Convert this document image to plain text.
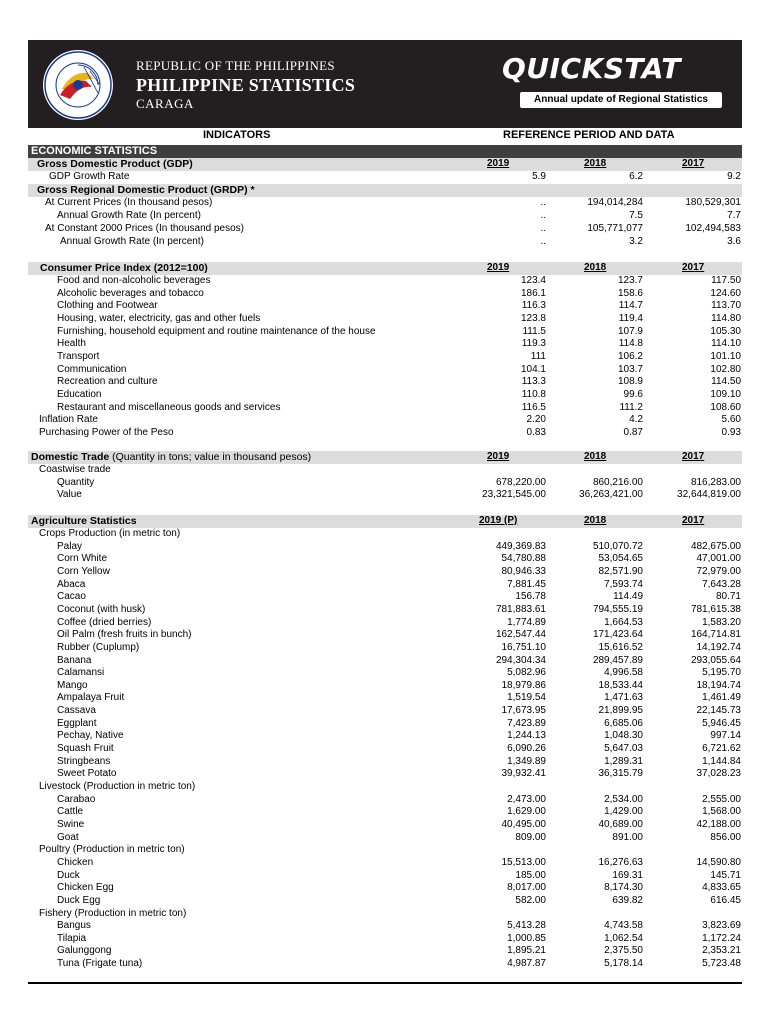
REPUBLIC OF THE PHILIPPINES
PHILIPPINE STATISTICS
CARAGA
QUICKSTAT
Annual update of Regional Statistics
INDICATORS	REFERENCE PERIOD AND DATA
ECONOMIC STATISTICS
Gross Domestic Product (GDP)	2019	2018	2017
GDP Growth Rate	5.9	6.2	9.2
Gross Regional Domestic Product (GRDP) *
At Current Prices (In thousand pesos)	..	194,014,284	180,529,301
Annual Growth Rate (In percent)	..	7.5	7.7
At Constant 2000 Prices (In thousand pesos)	..	105,771,077	102,494,583
Annual Growth Rate (In percent)	..	3.2	3.6
Consumer Price Index (2012=100)	2019	2018	2017
Food and non-alcoholic beverages	123.4	123.7	117.50
Alcoholic beverages and tobacco	186.1	158.6	124.60
Clothing and Footwear	116.3	114.7	113.70
Housing, water, electricity, gas and other fuels	123.8	119.4	114.80
Furnishing, household equipment and routine maintenance of the house	111.5	107.9	105.30
Health	119.3	114.8	114.10
Transport	111	106.2	101.10
Communication	104.1	103.7	102.80
Recreation and culture	113.3	108.9	114.50
Education	110.8	99.6	109.10
Restaurant and miscellaneous goods and services	116.5	111.2	108.60
Inflation Rate	2.20	4.2	5.60
Purchasing Power of the Peso	0.83	0.87	0.93
Domestic Trade (Quantity in tons; value in thousand pesos)	2019	2018	2017
Coastwise trade
Quantity	678,220.00	860,216.00	816,283.00
Value	23,321,545.00	36,263,421.00	32,644,819.00
Agriculture Statistics	2019 (P)	2018	2017
Crops Production (in metric ton)
Palay	449,369.83	510,070.72	482,675.00
Corn White	54,780.88	53,054.65	47,001.00
Corn Yellow	80,946.33	82,571.90	72,979.00
Abaca	7,881.45	7,593.74	7,643.28
Cacao	156.78	114.49	80.71
Coconut (with husk)	781,883.61	794,555.19	781,615.38
Coffee (dried berries)	1,774.89	1,664.53	1,583.20
Oil Palm (fresh fruits in bunch)	162,547.44	171,423.64	164,714.81
Rubber (Cuplump)	16,751.10	15,616.52	14,192.74
Banana	294,304.34	289,457.89	293,055.64
Calamansi	5,082.96	4,996.58	5,195.70
Mango	18,979.86	18,533.44	18,194.74
Ampalaya Fruit	1,519.54	1,471.63	1,461.49
Cassava	17,673.95	21,899.95	22,145.73
Eggplant	7,423.89	6,685.06	5,946.45
Pechay, Native	1,244.13	1,048.30	997.14
Squash Fruit	6,090.26	5,647.03	6,721.62
Stringbeans	1,349.89	1,289.31	1,144.84
Sweet Potato	39,932.41	36,315.79	37,028.23
Livestock (Production in metric ton)
Carabao	2,473.00	2,534.00	2,555.00
Cattle	1,629.00	1,429.00	1,568.00
Swine	40,495.00	40,689.00	42,188.00
Goat	809.00	891.00	856.00
Poultry (Production in metric ton)
Chicken	15,513.00	16,276.63	14,590.80
Duck	185.00	169.31	145.71
Chicken Egg	8,017.00	8,174.30	4,833.65
Duck Egg	582.00	639.82	616.45
Fishery (Production in metric ton)
Bangus	5,413.28	4,743.58	3,823.69
Tilapia	1,000.85	1,062.54	1,172.24
Galunggong	1,895.21	2,375.50	2,353.21
Tuna (Frigate tuna)	4,987.87	5,178.14	5,723.48
